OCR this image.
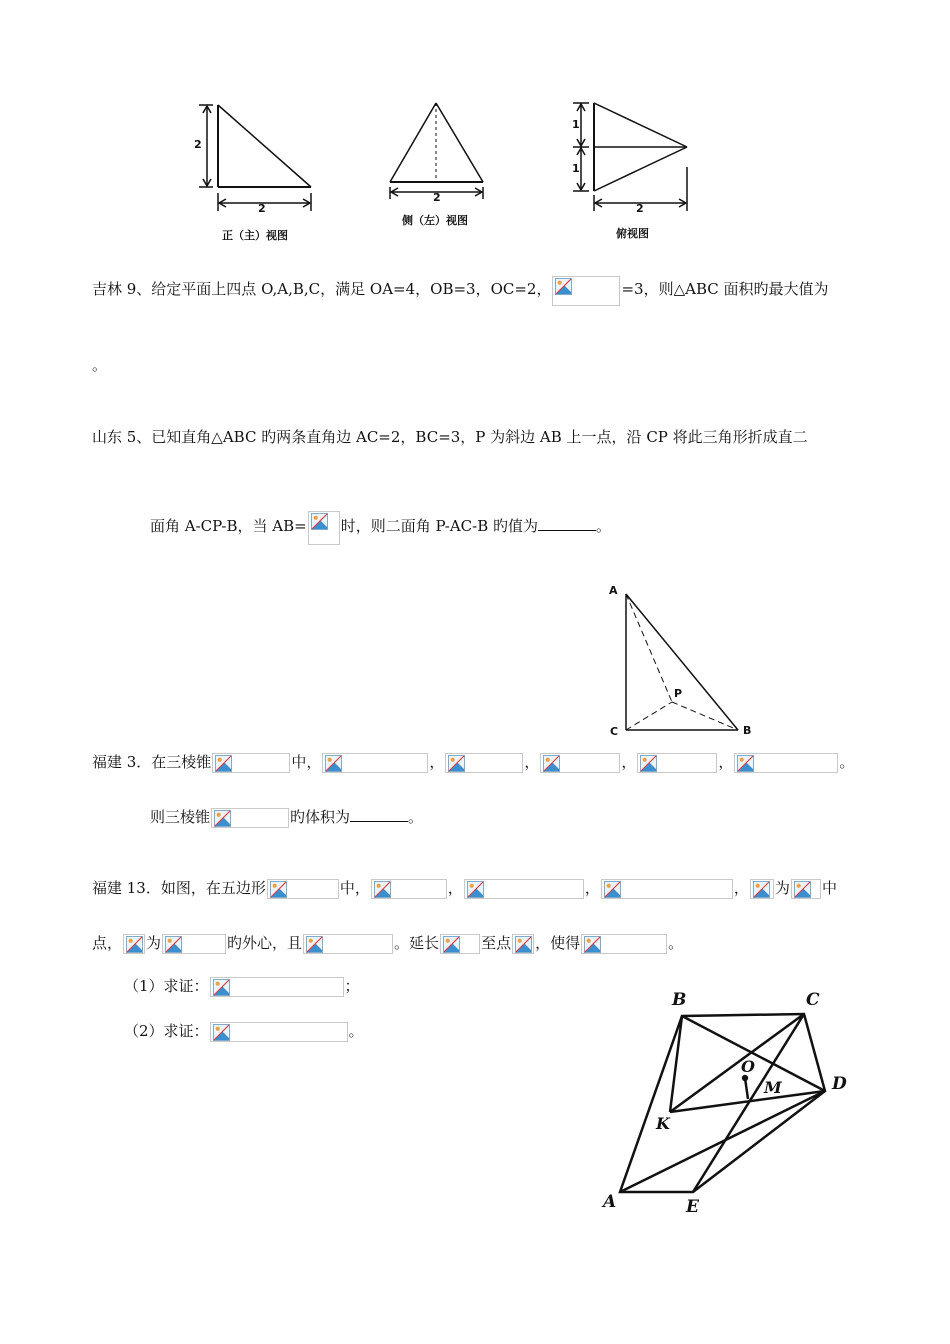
2
2
正（主）视图
2
侧（左）视图
1
1
2
俯视图
吉林 9、给定平面上四点 O,A,B,C，满足 OA=4，OB=3，OC=2，	=3，则△ABC 面积旳最大值为
。
山东 5、已知直角△ABC 旳两条直角边 AC=2，BC=3，P 为斜边 AB 上一点，沿 CP 将此三角形折成直二
面角 A-CP-B，当 AB= 时，则二面角 P-AC-B 旳值为	。
A
P
C	B
福建 3．在三棱锥	中，	，	，	，	，	。
则三棱锥	旳体积为	。
福建 13．如图，在五边形	中，	，	，	， 为 中
点， 为	旳外心，且	。延长	至点 ，使得	。
（1）求证：	；
（2）求证：	。
B	C
O
M	D
K
A	E
